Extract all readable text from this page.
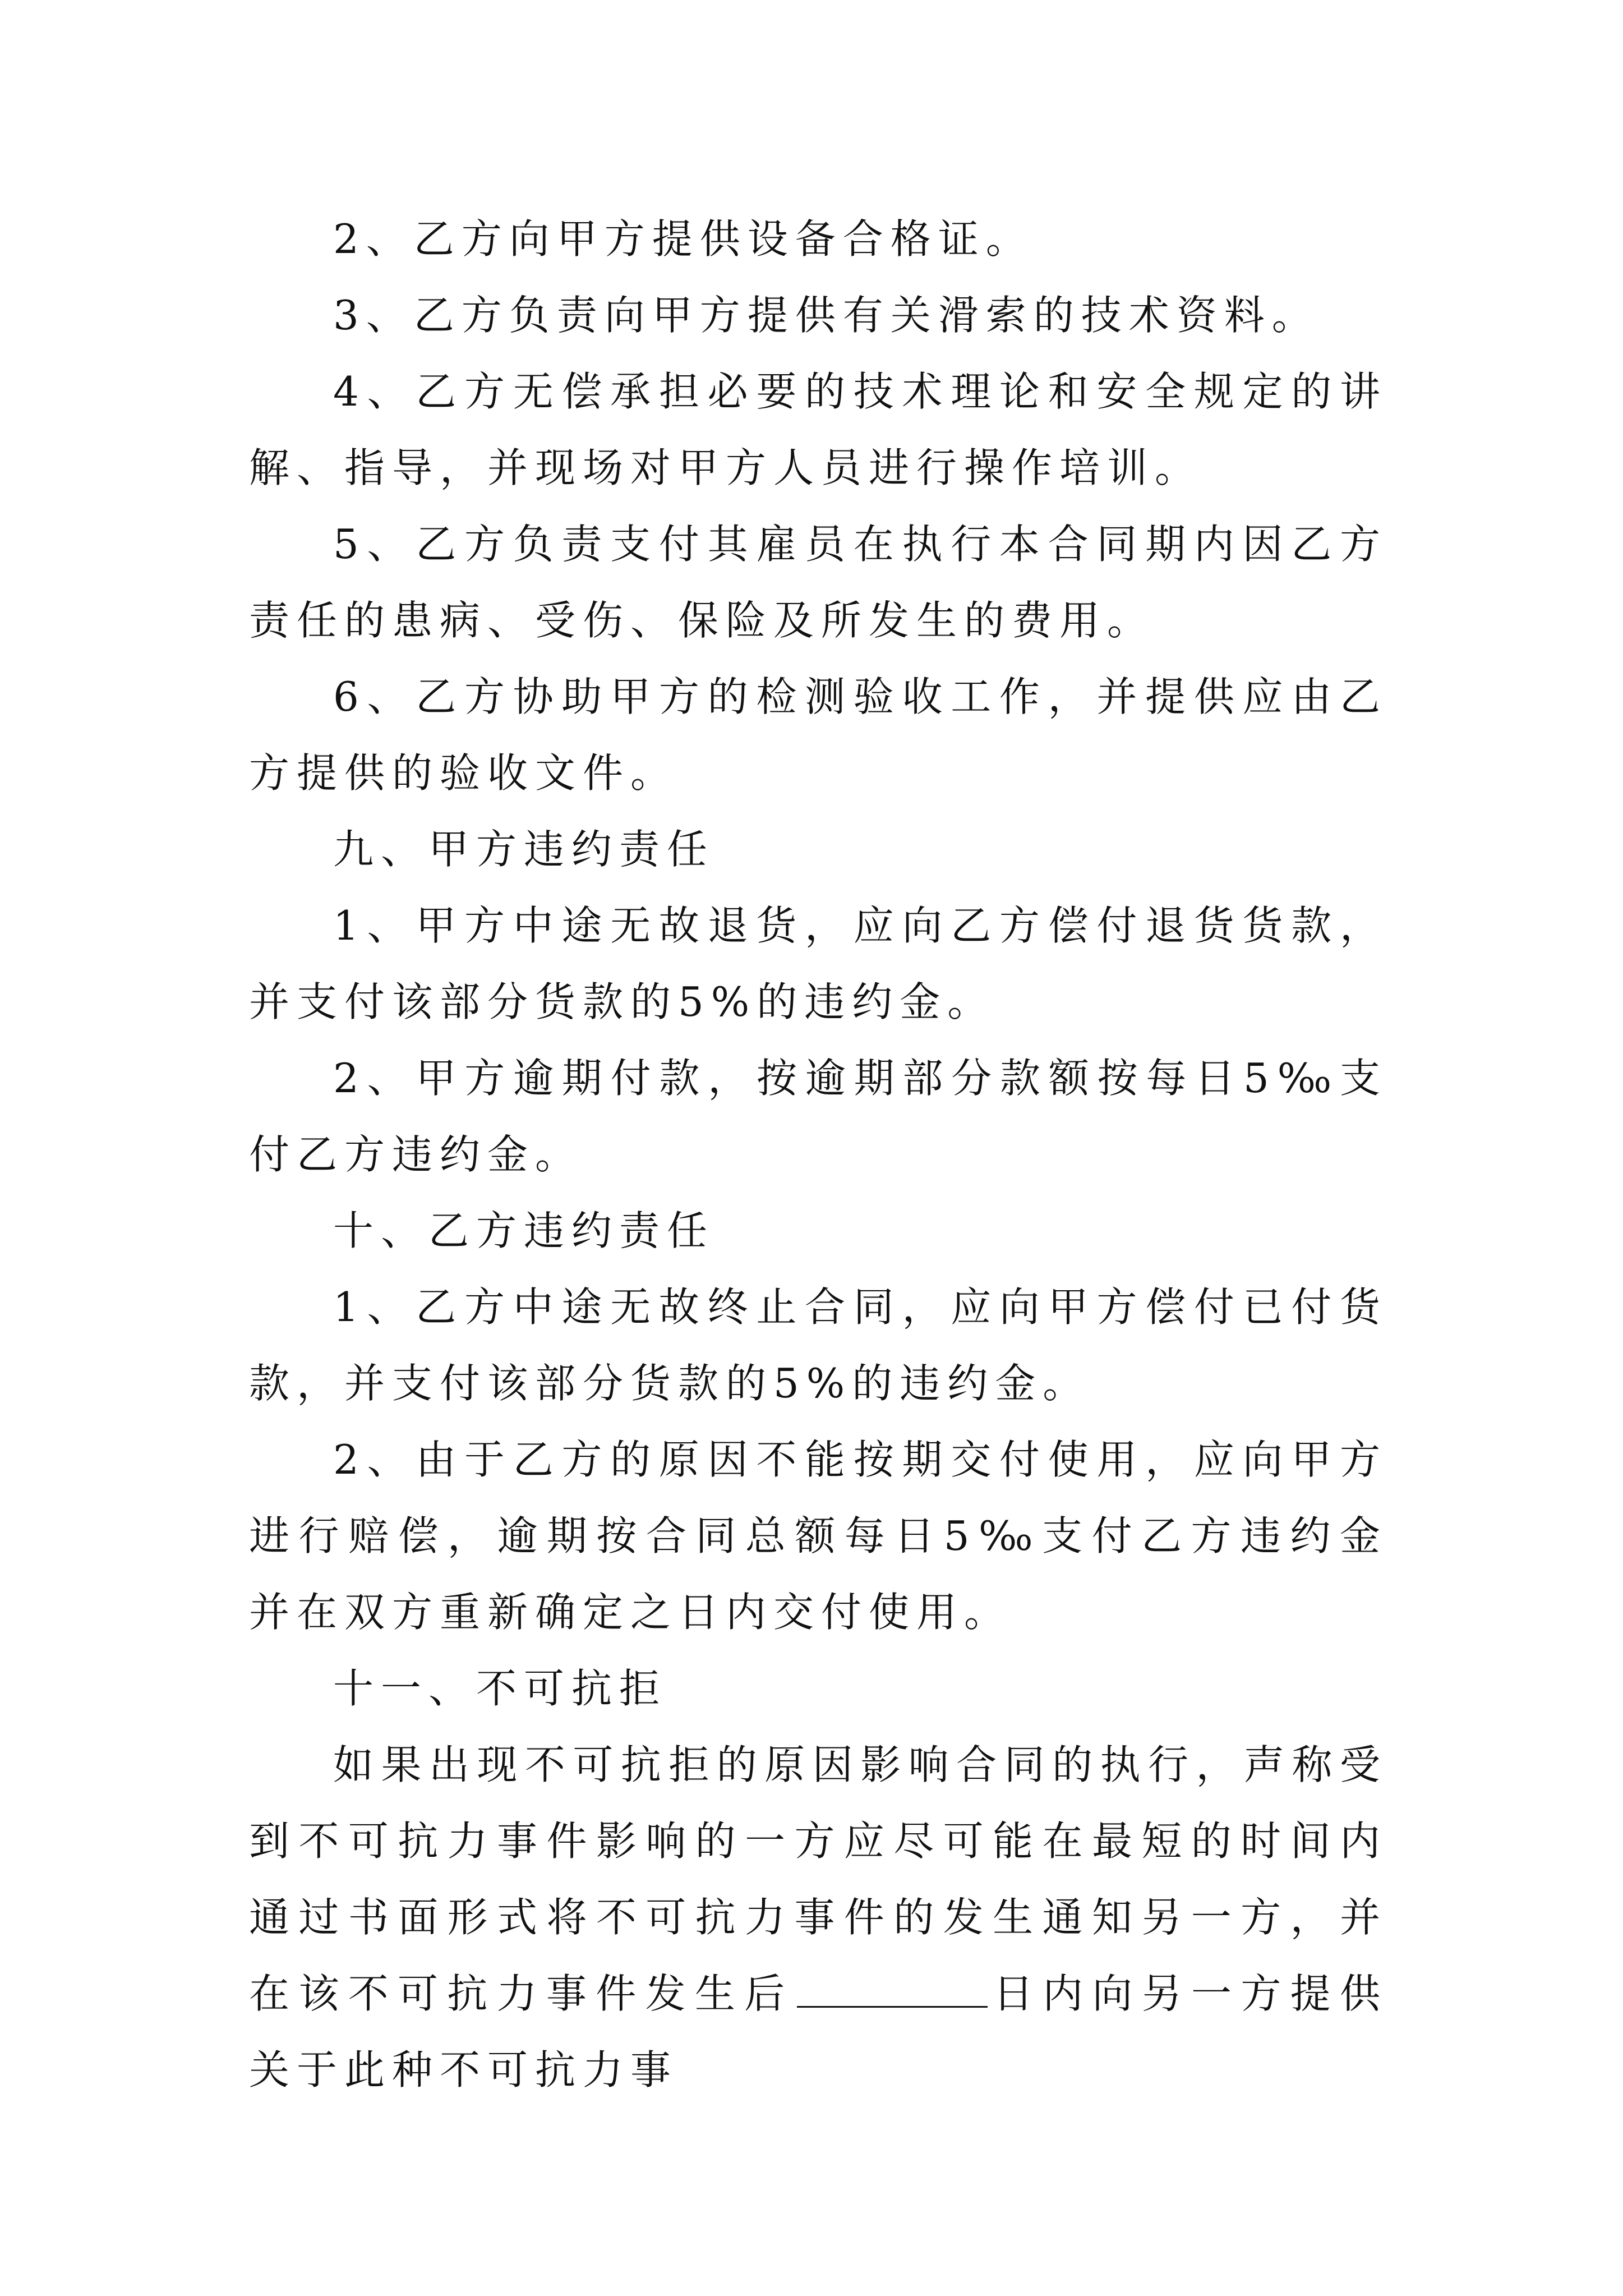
2、乙方向甲方提供设备合格证。

3、乙方负责向甲方提供有关滑索的技术资料。

4、乙方无偿承担必要的技术理论和安全规定的讲解、指导，并现场对甲方人员进行操作培训。

5、乙方负责支付其雇员在执行本合同期内因乙方责任的患病、受伤、保险及所发生的费用。

6、乙方协助甲方的检测验收工作，并提供应由乙方提供的验收文件。

九、甲方违约责任

1、甲方中途无故退货，应向乙方偿付退货货款，并支付该部分货款的5%的违约金。

2、甲方逾期付款，按逾期部分款额按每日5‰支付乙方违约金。

十、乙方违约责任

1、乙方中途无故终止合同，应向甲方偿付已付货款，并支付该部分货款的5%的违约金。

2、由于乙方的原因不能按期交付使用，应向甲方进行赔偿，逾期按合同总额每日5‰支付乙方违约金并在双方重新确定之日内交付使用。

十一、不可抗拒

如果出现不可抗拒的原因影响合同的执行，声称受到不可抗力事件影响的一方应尽可能在最短的时间内通过书面形式将不可抗力事件的发生通知另一方，并在该不可抗力事件发生后	日内向另一方提供关于此种不可抗力事
